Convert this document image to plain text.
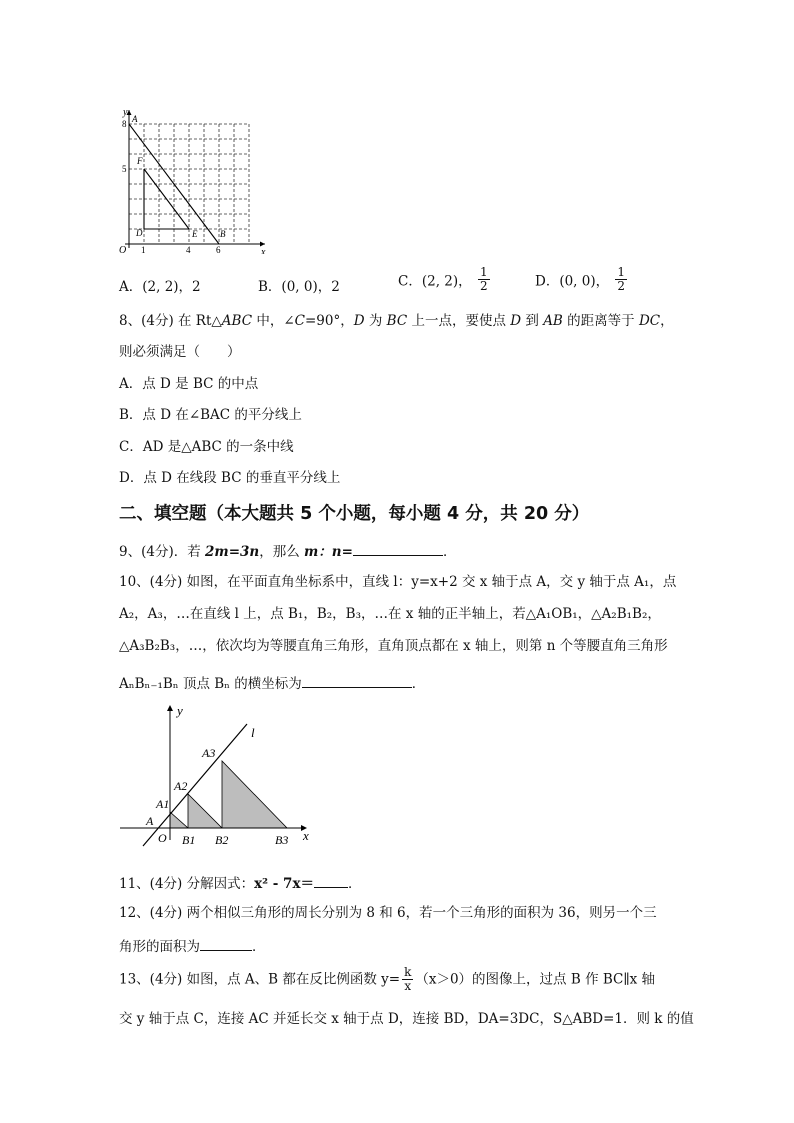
y
x
O
8
5
1	4	6
A
F
D	E	B
A．(2, 2)，2	B．(0, 0)，2	C．(2, 2)， $\frac{1}{2}$	D．(0, 0)， $\frac{1}{2}$
8、(4分) 在 Rt△ABC 中，∠C=90°，D 为 BC 上一点，要使点 D 到 AB 的距离等于 DC，
则必须满足（　　）
A．点 D 是 BC 的中点
B．点 D 在∠BAC 的平分线上
C．AD 是△ABC 的一条中线
D．点 D 在线段 BC 的垂直平分线上
二、填空题（本大题共 5 个小题，每小题 4 分，共 20 分）
9、(4分)．若 2m=3n，那么 m：n=	．
10、(4分) 如图，在平面直角坐标系中，直线 l：y=x+2 交 x 轴于点 A，交 y 轴于点 A₁，点
A₂，A₃，…在直线 l 上，点 B₁，B₂，B₃，…在 x 轴的正半轴上，若△A₁OB₁，△A₂B₁B₂，
△A₃B₂B₃，…，依次均为等腰直角三角形，直角顶点都在 x 轴上，则第 n 个等腰直角三角形
AₙBₙ₋₁Bₙ 顶点 Bₙ 的横坐标为	．
y
x
l
O
A
A1
A2
A3
B1 B2	B3
11、(4分) 分解因式：x² - 7x＝	．
12、(4分) 两个相似三角形的周长分别为 8 和 6，若一个三角形的面积为 36，则另一个三
角形的面积为	．
13、(4分) 如图，点 A、B 都在反比例函数 $y= \frac{k}{x} (x>0)$的图像上，过点 B 作 BC∥x 轴
交 y 轴于点 C，连接 AC 并延长交 x 轴于点 D，连接 BD，DA=3DC，S△ABD=1．则 k 的值
